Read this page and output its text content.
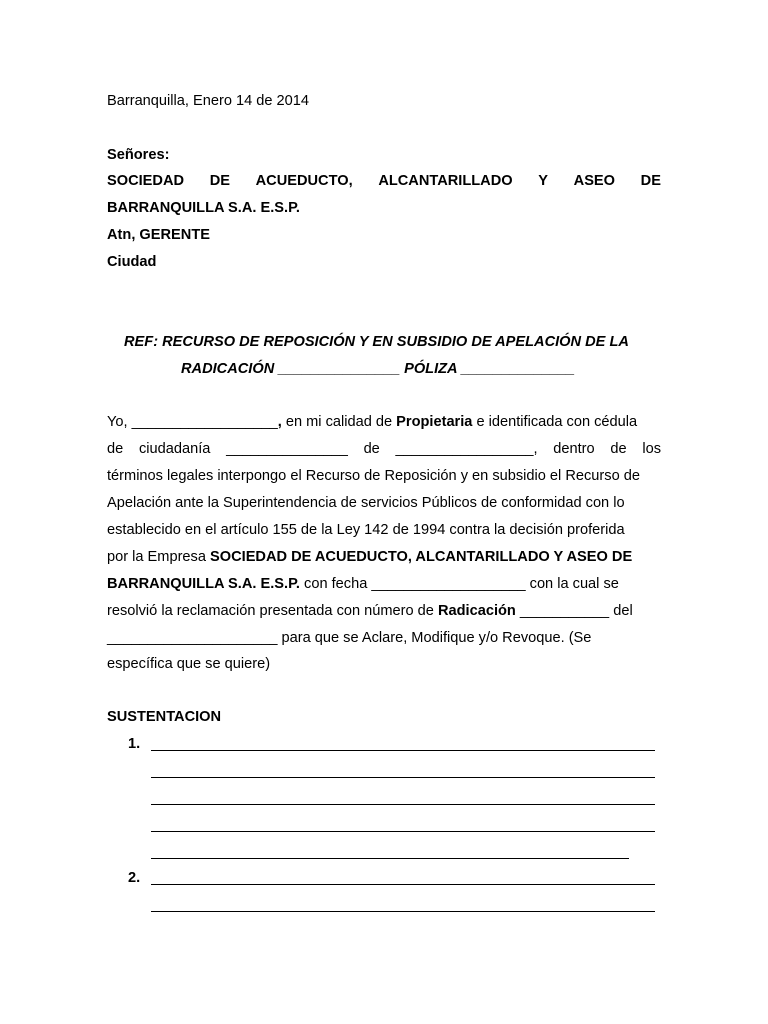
Barranquilla, Enero 14 de 2014
Señores:
SOCIEDAD DE ACUEDUCTO, ALCANTARILLADO Y ASEO DE
BARRANQUILLA S.A. E.S.P.
Atn, GERENTE
Ciudad
REF: RECURSO DE REPOSICIÓN Y EN SUBSIDIO DE APELACIÓN DE LA
RADICACIÓN _______________ PÓLIZA ______________
Yo, __________________ , en mi calidad de Propietaria e identificada con cédula
de ciudadanía _______________ de _________________, dentro de los
términos legales interpongo el Recurso de Reposición y en subsidio el Recurso de
Apelación ante la Superintendencia de servicios Públicos de conformidad con lo
establecido en el artículo 155 de la Ley 142 de 1994 contra la decisión proferida
por la Empresa SOCIEDAD DE ACUEDUCTO, ALCANTARILLADO Y ASEO DE
BARRANQUILLA S.A. E.S.P. con fecha ___________________ con la cual se
resolvió la reclamación presentada con número de Radicación ___________ del
_____________________ para que se Aclare, Modifique y/o Revoque. (Se
específica que se quiere)
SUSTENTACION
1.
2.
